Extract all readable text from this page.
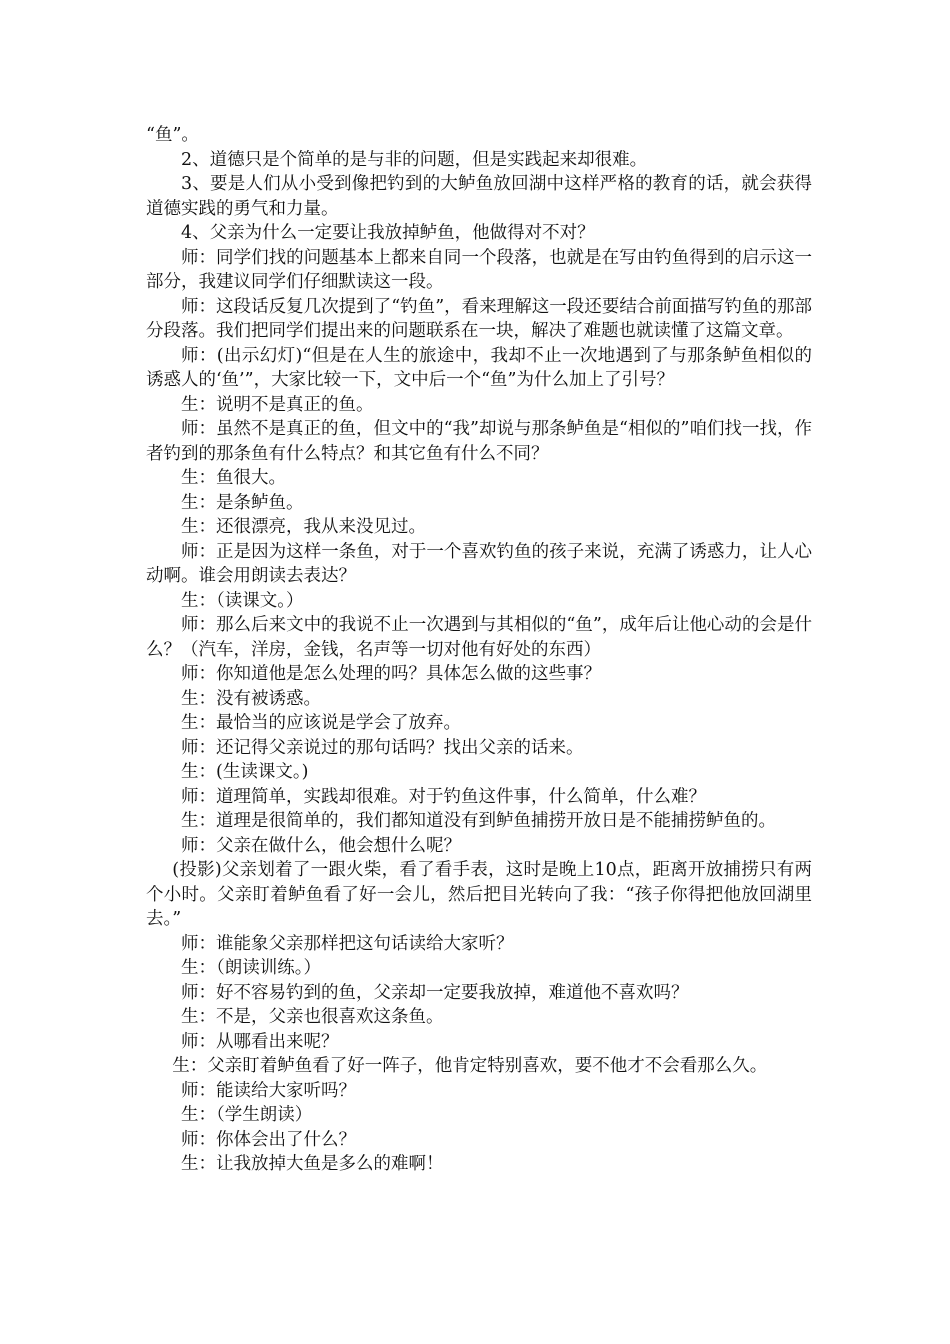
“鱼”。

2、道德只是个简单的是与非的问题，但是实践起来却很难。

3、要是人们从小受到像把钓到的大鲈鱼放回湖中这样严格的教育的话，就会获得道德实践的勇气和力量。

4、父亲为什么一定要让我放掉鲈鱼，他做得对不对？

师：同学们找的问题基本上都来自同一个段落，也就是在写由钓鱼得到的启示这一部分，我建议同学们仔细默读这一段。

师：这段话反复几次提到了“钓鱼”，看来理解这一段还要结合前面描写钓鱼的那部分段落。我们把同学们提出来的问题联系在一块，解决了难题也就读懂了这篇文章。

师：(出示幻灯)“但是在人生的旅途中，我却不止一次地遇到了与那条鲈鱼相似的诱惑人的‘鱼’”，大家比较一下，文中后一个“鱼”为什么加上了引号？

生：说明不是真正的鱼。

师：虽然不是真正的鱼，但文中的“我”却说与那条鲈鱼是“相似的”咱们找一找，作者钓到的那条鱼有什么特点？和其它鱼有什么不同？

生：鱼很大。

生：是条鲈鱼。

生：还很漂亮，我从来没见过。

师：正是因为这样一条鱼，对于一个喜欢钓鱼的孩子来说，充满了诱惑力，让人心动啊。谁会用朗读去表达？

生：（读课文。）

师：那么后来文中的我说不止一次遇到与其相似的“鱼”，成年后让他心动的会是什么？（汽车，洋房，金钱，名声等一切对他有好处的东西）

师：你知道他是怎么处理的吗？具体怎么做的这些事？

生：没有被诱惑。

生：最恰当的应该说是学会了放弃。

师：还记得父亲说过的那句话吗？找出父亲的话来。

生：(生读课文。)

师：道理简单，实践却很难。对于钓鱼这件事，什么简单，什么难？

生：道理是很简单的，我们都知道没有到鲈鱼捕捞开放日是不能捕捞鲈鱼的。

师：父亲在做什么，他会想什么呢？

(投影)父亲划着了一跟火柴，看了看手表，这时是晚上10点，距离开放捕捞只有两个小时。父亲盯着鲈鱼看了好一会儿，然后把目光转向了我：“孩子你得把他放回湖里去。”

师：谁能象父亲那样把这句话读给大家听？

生：（朗读训练。）

师：好不容易钓到的鱼，父亲却一定要我放掉，难道他不喜欢吗？

生：不是，父亲也很喜欢这条鱼。

师：从哪看出来呢？

生：父亲盯着鲈鱼看了好一阵子，他肯定特别喜欢，要不他才不会看那么久。

师：能读给大家听吗？

生：（学生朗读）

师：你体会出了什么？

生：让我放掉大鱼是多么的难啊！
